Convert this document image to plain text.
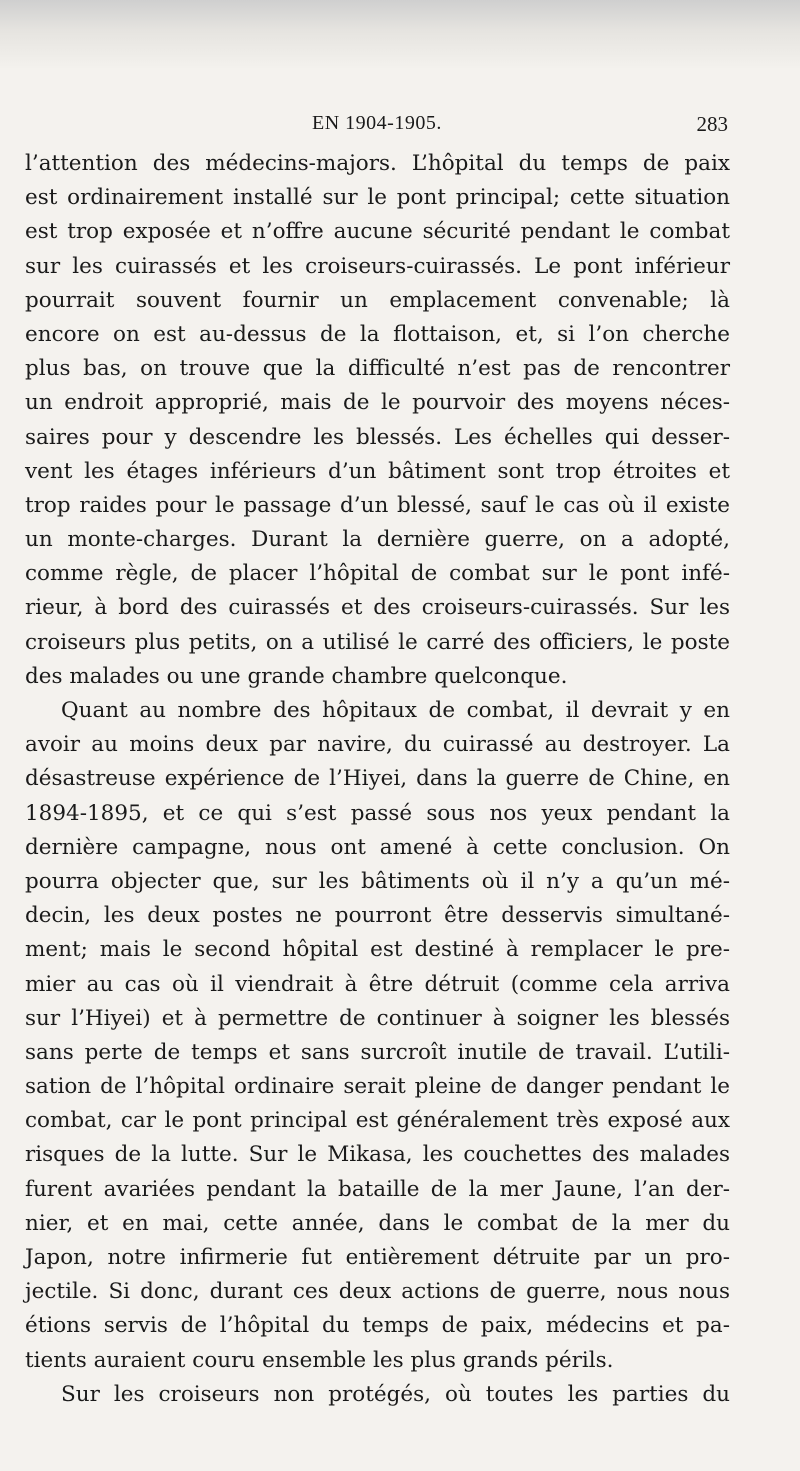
EN 1904-1905.	283
l’attention des médecins-majors. L’hôpital du temps de paix
est ordinairement installé sur le pont principal; cette situation
est trop exposée et n’offre aucune sécurité pendant le combat
sur les cuirassés et les croiseurs-cuirassés. Le pont inférieur
pourrait souvent fournir un emplacement convenable; là
encore on est au-dessus de la flottaison, et, si l’on cherche
plus bas, on trouve que la difficulté n’est pas de rencontrer
un endroit approprié, mais de le pourvoir des moyens néces-
saires pour y descendre les blessés. Les échelles qui desser-
vent les étages inférieurs d’un bâtiment sont trop étroites et
trop raides pour le passage d’un blessé, sauf le cas où il existe
un monte-charges. Durant la dernière guerre, on a adopté,
comme règle, de placer l’hôpital de combat sur le pont infé-
rieur, à bord des cuirassés et des croiseurs-cuirassés. Sur les
croiseurs plus petits, on a utilisé le carré des officiers, le poste
des malades ou une grande chambre quelconque.
Quant au nombre des hôpitaux de combat, il devrait y en
avoir au moins deux par navire, du cuirassé au destroyer. La
désastreuse expérience de l’Hiyei, dans la guerre de Chine, en
1894-1895, et ce qui s’est passé sous nos yeux pendant la
dernière campagne, nous ont amené à cette conclusion. On
pourra objecter que, sur les bâtiments où il n’y a qu’un mé-
decin, les deux postes ne pourront être desservis simultané-
ment; mais le second hôpital est destiné à remplacer le pre-
mier au cas où il viendrait à être détruit (comme cela arriva
sur l’Hiyei) et à permettre de continuer à soigner les blessés
sans perte de temps et sans surcroît inutile de travail. L’utili-
sation de l’hôpital ordinaire serait pleine de danger pendant le
combat, car le pont principal est généralement très exposé aux
risques de la lutte. Sur le Mikasa, les couchettes des malades
furent avariées pendant la bataille de la mer Jaune, l’an der-
nier, et en mai, cette année, dans le combat de la mer du
Japon, notre infirmerie fut entièrement détruite par un pro-
jectile. Si donc, durant ces deux actions de guerre, nous nous
étions servis de l’hôpital du temps de paix, médecins et pa-
tients auraient couru ensemble les plus grands périls.
Sur les croiseurs non protégés, où toutes les parties du
